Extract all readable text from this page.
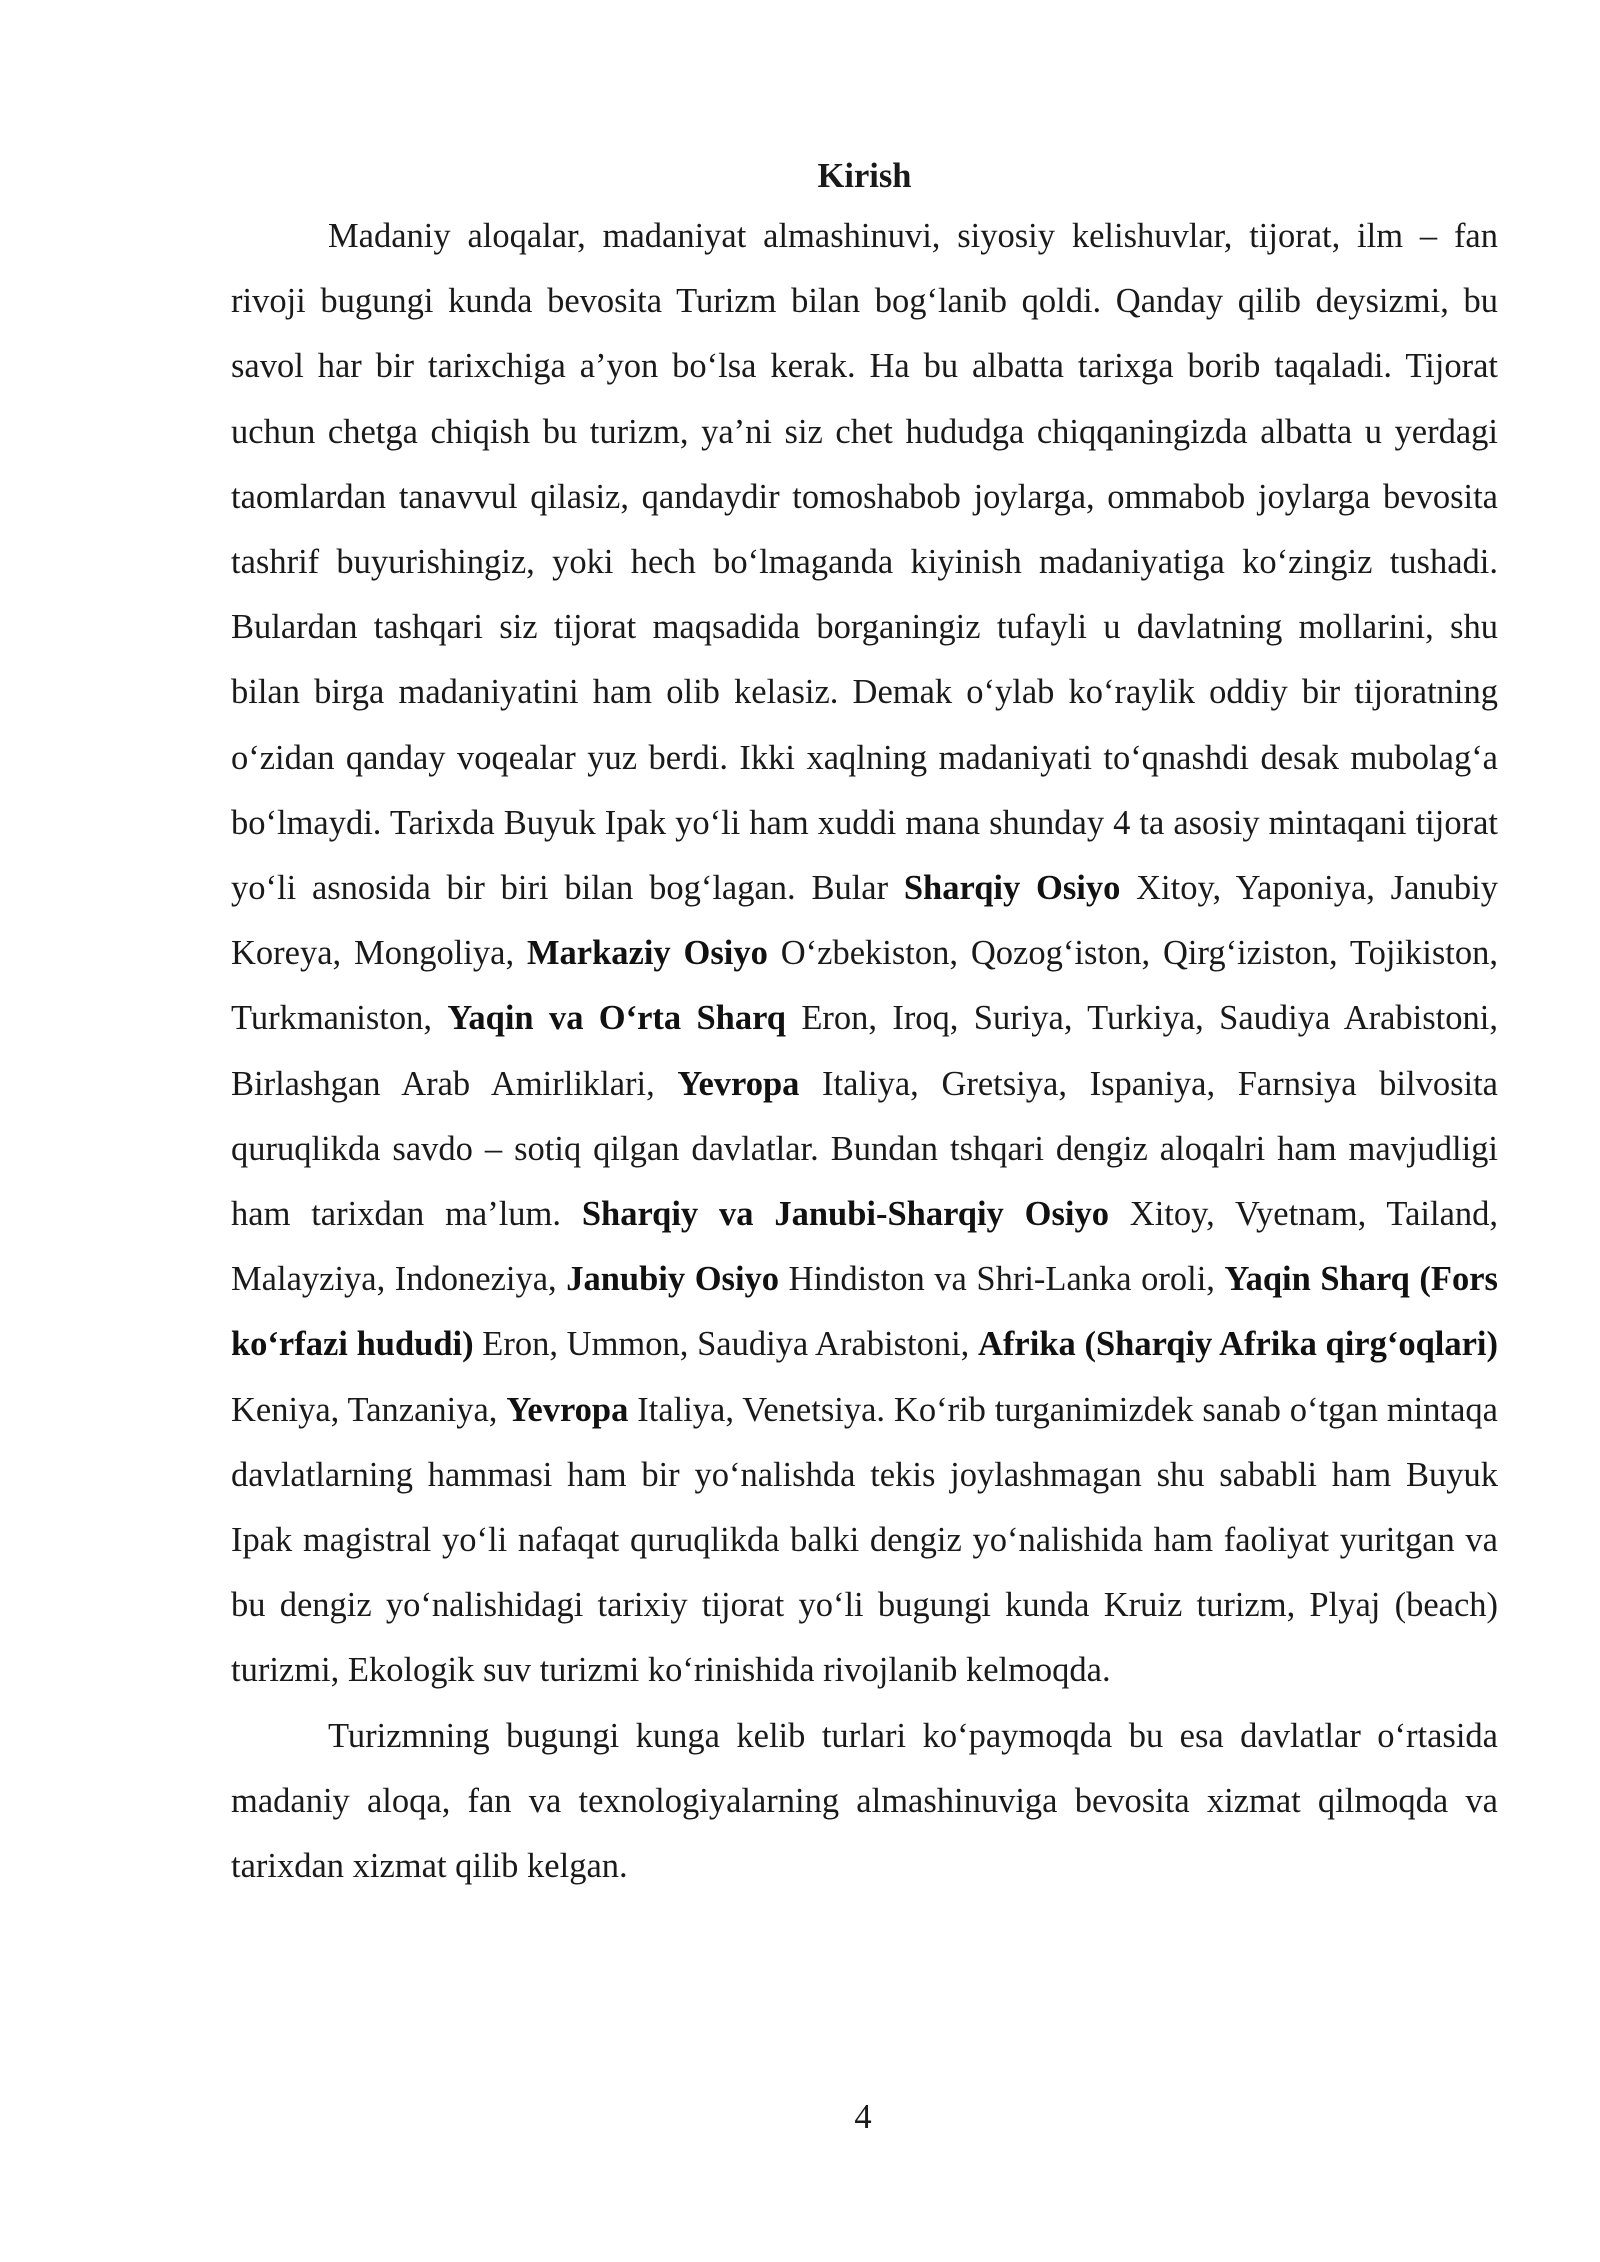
Kirish

Madaniy aloqalar, madaniyat almashinuvi, siyosiy kelishuvlar, tijorat, ilm – fan rivoji bugungi kunda bevosita Turizm bilan bog‘lanib qoldi. Qanday qilib deysizmi, bu savol har bir tarixchiga a’yon bo‘lsa kerak. Ha bu albatta tarixga borib taqaladi. Tijorat uchun chetga chiqish bu turizm, ya’ni siz chet hududga chiqqaningizda albatta u yerdagi taomlardan tanavvul qilasiz, qandaydir tomoshabob joylarga, ommabob joylarga bevosita tashrif buyurishingiz, yoki hech bo‘lmaganda kiyinish madaniyatiga ko‘zingiz tushadi. Bulardan tashqari siz tijorat maqsadida borganingiz tufayli u davlatning mollarini, shu bilan birga madaniyatini ham olib kelasiz. Demak o‘ylab ko‘raylik oddiy bir tijoratning o‘zidan qanday voqealar yuz berdi. Ikki xaqlning madaniyati to‘qnashdi desak mubolag‘a bo‘lmaydi. Tarixda Buyuk Ipak yo‘li ham xuddi mana shunday 4 ta asosiy mintaqani tijorat yo‘li asnosida bir biri bilan bog‘lagan. Bular Sharqiy Osiyo Xitoy, Yaponiya, Janubiy Koreya, Mongoliya, Markaziy Osiyo O‘zbekiston, Qozog‘iston, Qirg‘iziston, Tojikiston, Turkmaniston, Yaqin va O‘rta Sharq Eron, Iroq, Suriya, Turkiya, Saudiya Arabistoni, Birlashgan Arab Amirliklari, Yevropa Italiya, Gretsiya, Ispaniya, Farnsiya bilvosita quruqlikda savdo – sotiq qilgan davlatlar. Bundan tshqari dengiz aloqalri ham mavjudligi ham tarixdan ma’lum. Sharqiy va Janubi-Sharqiy Osiyo Xitoy, Vyetnam, Tailand, Malayziya, Indoneziya, Janubiy Osiyo Hindiston va Shri-Lanka oroli, Yaqin Sharq (Fors ko‘rfazi hududi) Eron, Ummon, Saudiya Arabistoni, Afrika (Sharqiy Afrika qirg‘oqlari) Keniya, Tanzaniya, Yevropa Italiya, Venetsiya. Ko‘rib turganimizdek sanab o‘tgan mintaqa davlatlarning hammasi ham bir yo‘nalishda tekis joylashmagan shu sababli ham Buyuk Ipak magistral yo‘li nafaqat quruqlikda balki dengiz yo‘nalishida ham faoliyat yuritgan va bu dengiz yo‘nalishidagi tarixiy tijorat yo‘li bugungi kunda Kruiz turizm, Plyaj (beach) turizmi, Ekologik suv turizmi ko‘rinishida rivojlanib kelmoqda.

Turizmning bugungi kunga kelib turlari ko‘paymoqda bu esa davlatlar o‘rtasida madaniy aloqa, fan va texnologiyalarning almashinuviga bevosita xizmat qilmoqda va tarixdan xizmat qilib kelgan.

4
